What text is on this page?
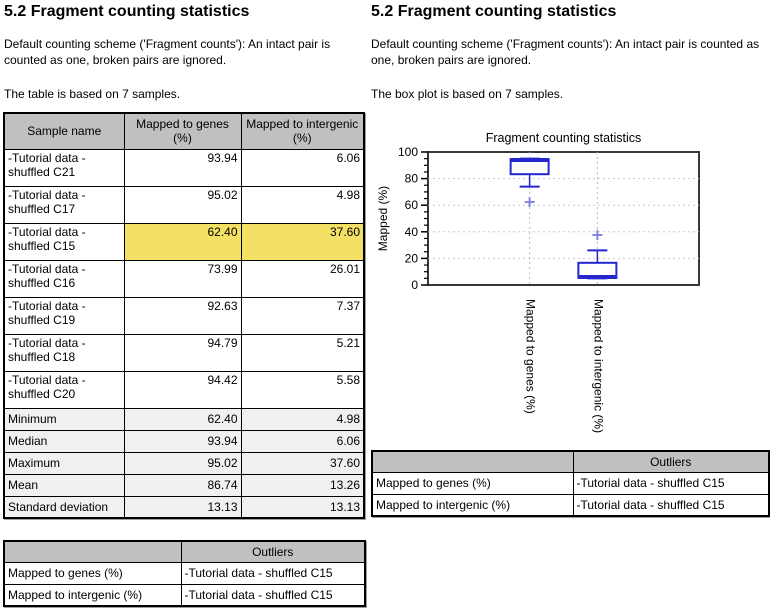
5.2 Fragment counting statistics

Default counting scheme ('Fragment counts'): An intact pair is counted as one, broken pairs are ignored.

The table is based on 7 samples.

Sample name	Mapped to genes (%)	Mapped to intergenic (%)
-Tutorial data - shuffled C21	93.94	6.06
-Tutorial data - shuffled C17	95.02	4.98
-Tutorial data - shuffled C15	62.40	37.60
-Tutorial data - shuffled C16	73.99	26.01
-Tutorial data - shuffled C19	92.63	7.37
-Tutorial data - shuffled C18	94.79	5.21
-Tutorial data - shuffled C20	94.42	5.58
Minimum	62.40	4.98
Median	93.94	6.06
Maximum	95.02	37.60
Mean	86.74	13.26
Standard deviation	13.13	13.13
	Outliers
Mapped to genes (%)	-Tutorial data - shuffled C15
Mapped to intergenic (%)	-Tutorial data - shuffled C15
5.2 Fragment counting statistics

Default counting scheme ('Fragment counts'): An intact pair is counted as one, broken pairs are ignored.

The box plot is based on 7 samples.

0
20
40
60
80
100
Fragment counting statistics
Mapped (%)
Mapped to genes (%)	Mapped to intergenic (%)
	Outliers
Mapped to genes (%)	-Tutorial data - shuffled C15
Mapped to intergenic (%)	-Tutorial data - shuffled C15
